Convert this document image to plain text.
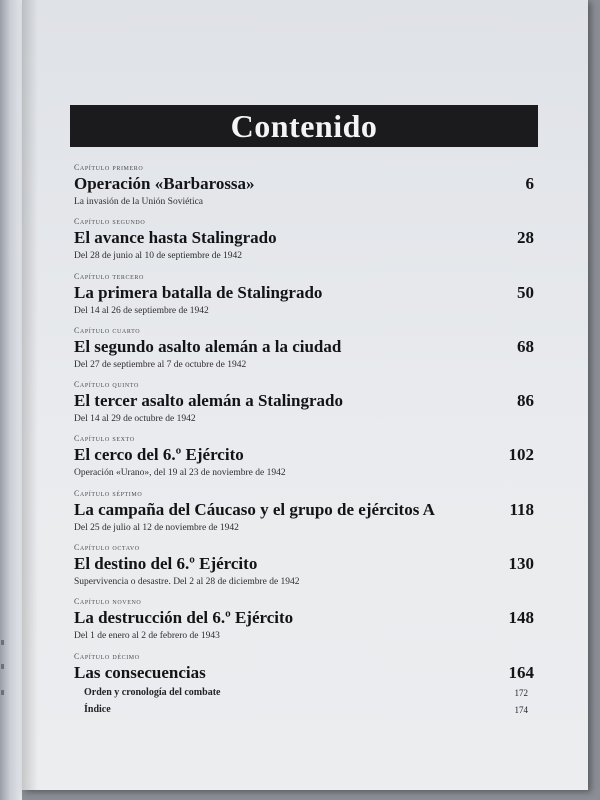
Contenido
Capítulo primero
Operación «Barbarossa»	6
La invasión de la Unión Soviética
Capítulo segundo
El avance hasta Stalingrado	28
Del 28 de junio al 10 de septiembre de 1942
Capítulo tercero
La primera batalla de Stalingrado	50
Del 14 al 26 de septiembre de 1942
Capítulo cuarto
El segundo asalto alemán a la ciudad	68
Del 27 de septiembre al 7 de octubre de 1942
Capítulo quinto
El tercer asalto alemán a Stalingrado	86
Del 14 al 29 de octubre de 1942
Capítulo sexto
El cerco del 6.º Ejército	102
Operación «Urano», del 19 al 23 de noviembre de 1942
Capítulo séptimo
La campaña del Cáucaso y el grupo de ejércitos A	118
Del 25 de julio al 12 de noviembre de 1942
Capítulo octavo
El destino del 6.º Ejército	130
Supervivencia o desastre. Del 2 al 28 de diciembre de 1942
Capítulo noveno
La destrucción del 6.º Ejército	148
Del 1 de enero al 2 de febrero de 1943
Capítulo décimo
Las consecuencias	164
Orden y cronología del combate	172
Índice	174
